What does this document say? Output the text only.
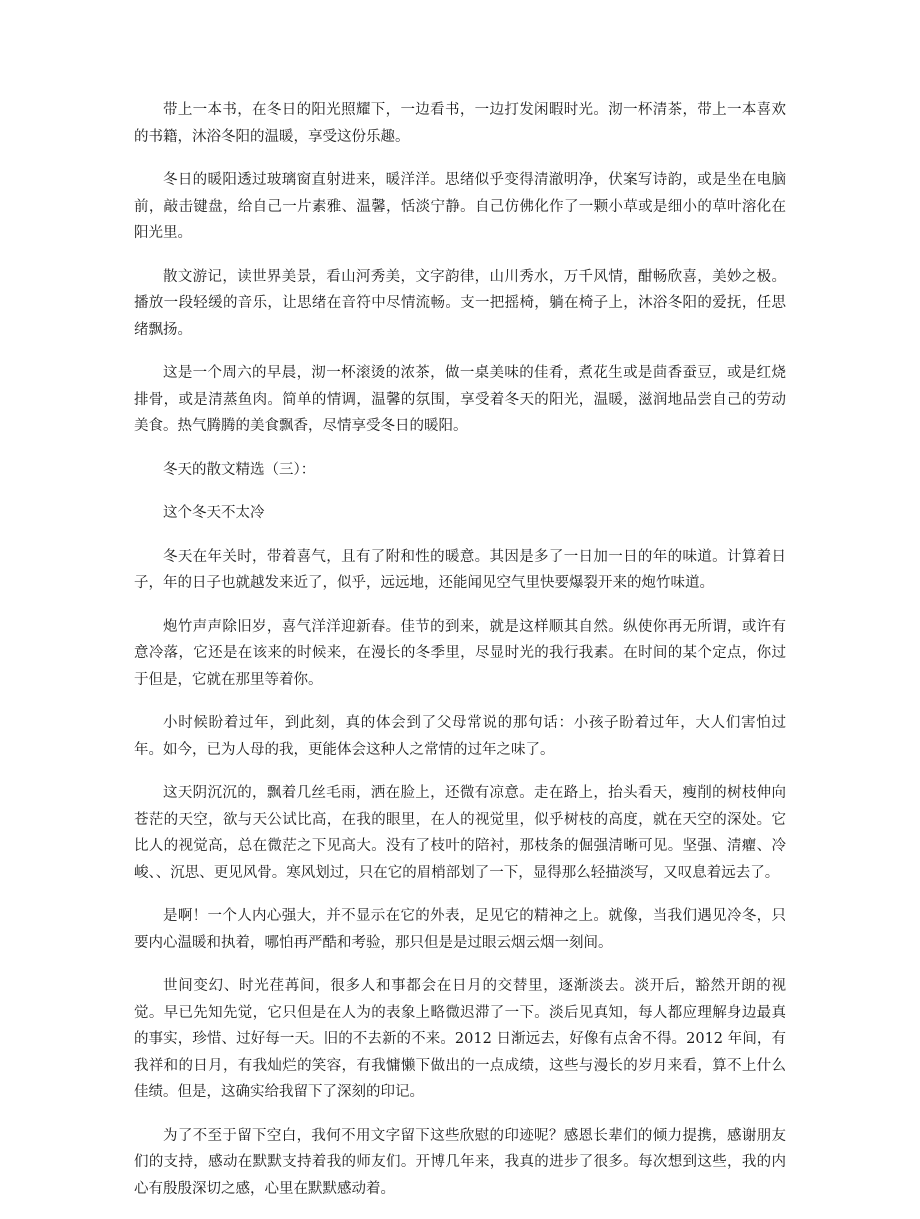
带上一本书，在冬日的阳光照耀下，一边看书，一边打发闲暇时光。沏一杯清茶，带上一本喜欢的书籍，沐浴冬阳的温暖，享受这份乐趣。

冬日的暖阳透过玻璃窗直射进来，暖洋洋。思绪似乎变得清澈明净，伏案写诗韵，或是坐在电脑前，敲击键盘，给自己一片素雅、温馨，恬淡宁静。自己仿佛化作了一颗小草或是细小的草叶溶化在阳光里。

散文游记，读世界美景，看山河秀美，文字韵律，山川秀水，万千风情，酣畅欣喜，美妙之极。播放一段轻缓的音乐，让思绪在音符中尽情流畅。支一把摇椅，躺在椅子上，沐浴冬阳的爱抚，任思绪飘扬。

这是一个周六的早晨，沏一杯滚烫的浓茶，做一桌美味的佳肴，煮花生或是茴香蚕豆，或是红烧排骨，或是清蒸鱼肉。简单的情调，温馨的氛围，享受着冬天的阳光，温暖，滋润地品尝自己的劳动美食。热气腾腾的美食飘香，尽情享受冬日的暖阳。

冬天的散文精选（三）：

这个冬天不太冷

冬天在年关时，带着喜气，且有了附和性的暖意。其因是多了一日加一日的年的味道。计算着日子，年的日子也就越发来近了，似乎，远远地，还能闻见空气里快要爆裂开来的炮竹味道。

炮竹声声除旧岁，喜气洋洋迎新春。佳节的到来，就是这样顺其自然。纵使你再无所谓，或许有意冷落，它还是在该来的时候来，在漫长的冬季里，尽显时光的我行我素。在时间的某个定点，你过于但是，它就在那里等着你。

小时候盼着过年，到此刻，真的体会到了父母常说的那句话：小孩子盼着过年，大人们害怕过年。如今，已为人母的我，更能体会这种人之常情的过年之味了。

这天阴沉沉的，飘着几丝毛雨，洒在脸上，还微有凉意。走在路上，抬头看天，瘦削的树枝伸向苍茫的天空，欲与天公试比高，在我的眼里，在人的视觉里，似乎树枝的高度，就在天空的深处。它比人的视觉高，总在微茫之下见高大。没有了枝叶的陪衬，那枝条的倔强清晰可见。坚强、清癯、冷峻、、沉思、更见风骨。寒风划过，只在它的眉梢部划了一下，显得那么轻描淡写，又叹息着远去了。

是啊！一个人内心强大，并不显示在它的外表，足见它的精神之上。就像，当我们遇见冷冬，只要内心温暖和执着，哪怕再严酷和考验，那只但是是过眼云烟云烟一刻间。

世间变幻、时光荏苒间，很多人和事都会在日月的交替里，逐渐淡去。淡开后，豁然开朗的视觉。早已先知先觉，它只但是在人为的表象上略微迟滞了一下。淡后见真知，每人都应理解身边最真的事实，珍惜、过好每一天。旧的不去新的不来。2012 日渐远去，好像有点舍不得。2012 年间，有我祥和的日月，有我灿烂的笑容，有我慵懒下做出的一点成绩，这些与漫长的岁月来看，算不上什么佳绩。但是，这确实给我留下了深刻的印记。

为了不至于留下空白，我何不用文字留下这些欣慰的印迹呢？感恩长辈们的倾力提携，感谢朋友们的支持，感动在默默支持着我的师友们。开博几年来，我真的进步了很多。每次想到这些，我的内心有殷殷深切之感，心里在默默感动着。
